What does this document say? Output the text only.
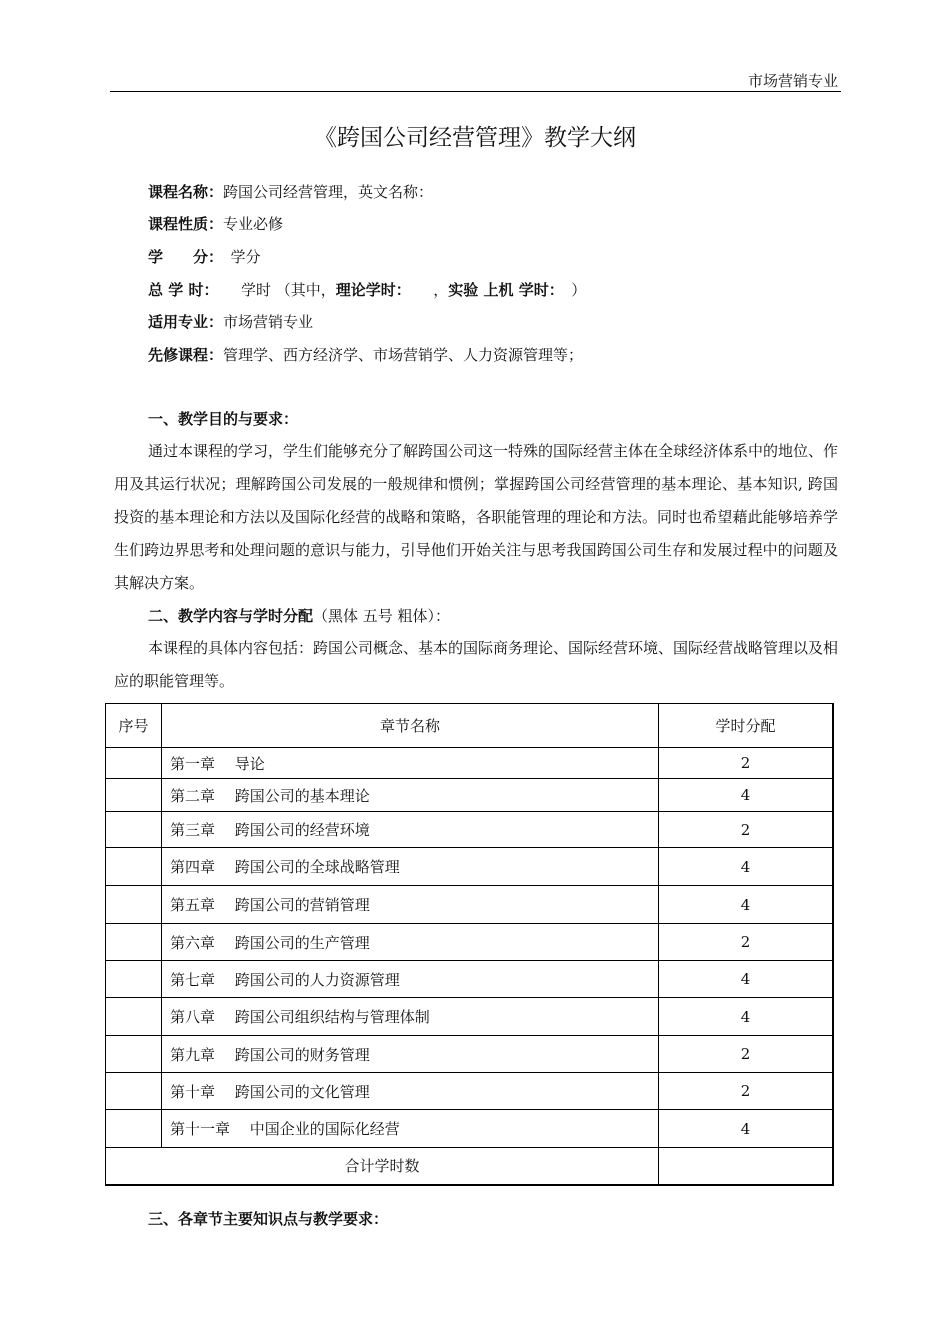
市场营销专业
《跨国公司经营管理》教学大纲
课程名称：跨国公司经营管理，英文名称：
课程性质：专业必修
学　　分：　学分
总 学 时：　　学时 （其中，理论学时：　　，实验 上机 学时：　）
适用专业：市场营销专业
先修课程：管理学、西方经济学、市场营销学、人力资源管理等；
一、教学目的与要求：

通过本课程的学习，学生们能够充分了解跨国公司这一特殊的国际经营主体在全球经济体系中的地位、作用及其运行状况；理解跨国公司发展的一般规律和惯例；掌握跨国公司经营管理的基本理论、基本知识, 跨国投资的基本理论和方法以及国际化经营的战略和策略，各职能管理的理论和方法。同时也希望藉此能够培养学生们跨边界思考和处理问题的意识与能力，引导他们开始关注与思考我国跨国公司生存和发展过程中的问题及其解决方案。

二、教学内容与学时分配（黑体 五号 粗体）：

本课程的具体内容包括：跨国公司概念、基本的国际商务理论、国际经营环境、国际经营战略管理以及相应的职能管理等。

序号	章节名称	学时分配
	第一章　 导论	2
	第二章　 跨国公司的基本理论	4
	第三章　 跨国公司的经营环境	2
	第四章　 跨国公司的全球战略管理	4
	第五章　 跨国公司的营销管理	4
	第六章　 跨国公司的生产管理	2
	第七章　 跨国公司的人力资源管理	4
	第八章　 跨国公司组织结构与管理体制	4
	第九章　 跨国公司的财务管理	2
	第十章　 跨国公司的文化管理	2
	第十一章　 中国企业的国际化经营	4
合计学时数		
三、各章节主要知识点与教学要求：
